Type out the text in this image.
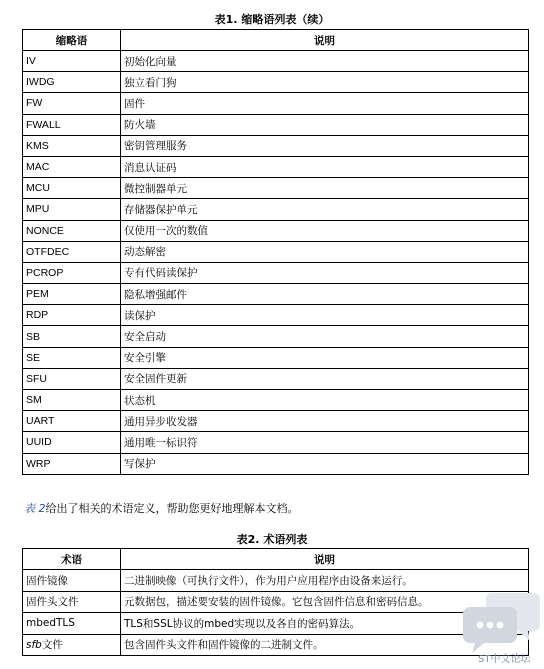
表1. 缩略语列表（续）
缩略语	说明
IV	初始化向量
IWDG	独立看门狗
FW	固件
FWALL	防火墙
KMS	密钥管理服务
MAC	消息认证码
MCU	微控制器单元
MPU	存储器保护单元
NONCE	仅使用一次的数值
OTFDEC	动态解密
PCROP	专有代码读保护
PEM	隐私增强邮件
RDP	读保护
SB	安全启动
SE	安全引擎
SFU	安全固件更新
SM	状态机
UART	通用异步收发器
UUID	通用唯一标识符
WRP	写保护
表 2给出了相关的术语定义，帮助您更好地理解本文档。
表2. 术语列表
术语	说明
固件镜像	二进制映像（可执行文件），作为用户应用程序由设备来运行。
固件头文件	元数据包，描述要安装的固件镜像。它包含固件信息和密码信息。
mbedTLS	TLS和SSL协议的mbed实现以及各自的密码算法。
sfb文件	包含固件头文件和固件镜像的二进制文件。
ST中文论坛
